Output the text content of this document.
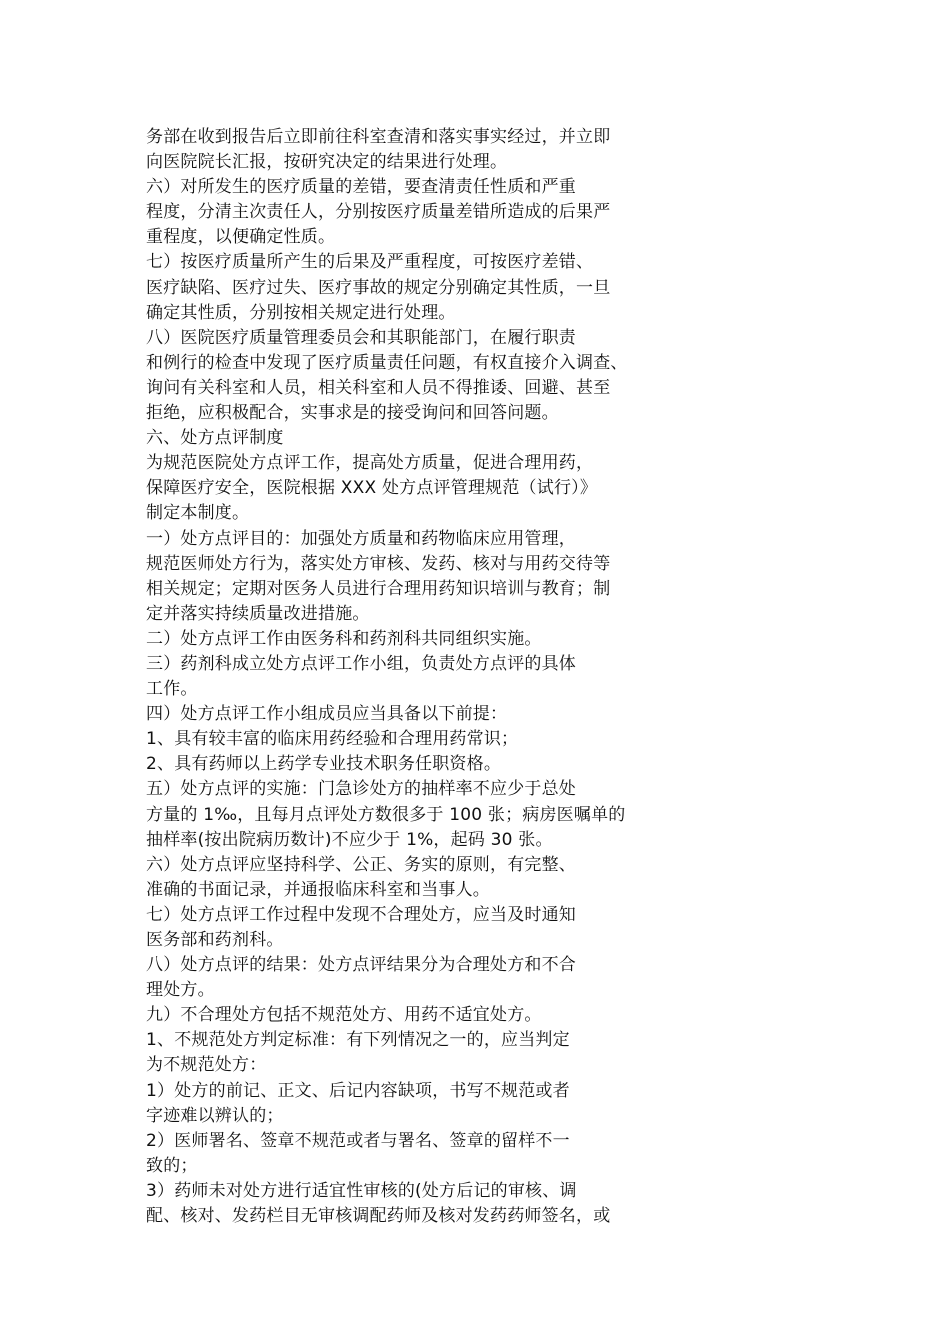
务部在收到报告后立即前往科室查清和落实事实经过，并立即
向医院院长汇报，按研究决定的结果进行处理。
六）对所发生的医疗质量的差错，要查清责任性质和严重
程度，分清主次责任人，分别按医疗质量差错所造成的后果严
重程度，以便确定性质。
七）按医疗质量所产生的后果及严重程度，可按医疗差错、
医疗缺陷、医疗过失、医疗事故的规定分别确定其性质，一旦
确定其性质，分别按相关规定进行处理。
八）医院医疗质量管理委员会和其职能部门，在履行职责
和例行的检查中发现了医疗质量责任问题，有权直接介入调查、
询问有关科室和人员，相关科室和人员不得推诿、回避、甚至
拒绝，应积极配合，实事求是的接受询问和回答问题。
六、处方点评制度
为规范医院处方点评工作，提高处方质量，促进合理用药，
保障医疗安全，医院根据 XXX 处方点评管理规范（试行）》
制定本制度。
一）处方点评目的：加强处方质量和药物临床应用管理，
规范医师处方行为，落实处方审核、发药、核对与用药交待等
相关规定；定期对医务人员进行合理用药知识培训与教育；制
定并落实持续质量改进措施。
二）处方点评工作由医务科和药剂科共同组织实施。
三）药剂科成立处方点评工作小组，负责处方点评的具体
工作。
四）处方点评工作小组成员应当具备以下前提：
1、具有较丰富的临床用药经验和合理用药常识；
2、具有药师以上药学专业技术职务任职资格。
五）处方点评的实施：门急诊处方的抽样率不应少于总处
方量的 1‰，且每月点评处方数很多于 100 张；病房医嘱单的
抽样率(按出院病历数计)不应少于 1%，起码 30 张。
六）处方点评应坚持科学、公正、务实的原则，有完整、
准确的书面记录，并通报临床科室和当事人。
七）处方点评工作过程中发现不合理处方，应当及时通知
医务部和药剂科。
八）处方点评的结果：处方点评结果分为合理处方和不合
理处方。
九）不合理处方包括不规范处方、用药不适宜处方。
1、不规范处方判定标准：有下列情况之一的，应当判定
为不规范处方：
1）处方的前记、正文、后记内容缺项，书写不规范或者
字迹难以辨认的；
2）医师署名、签章不规范或者与署名、签章的留样不一
致的；
3）药师未对处方进行适宜性审核的(处方后记的审核、调
配、核对、发药栏目无审核调配药师及核对发药药师签名，或
